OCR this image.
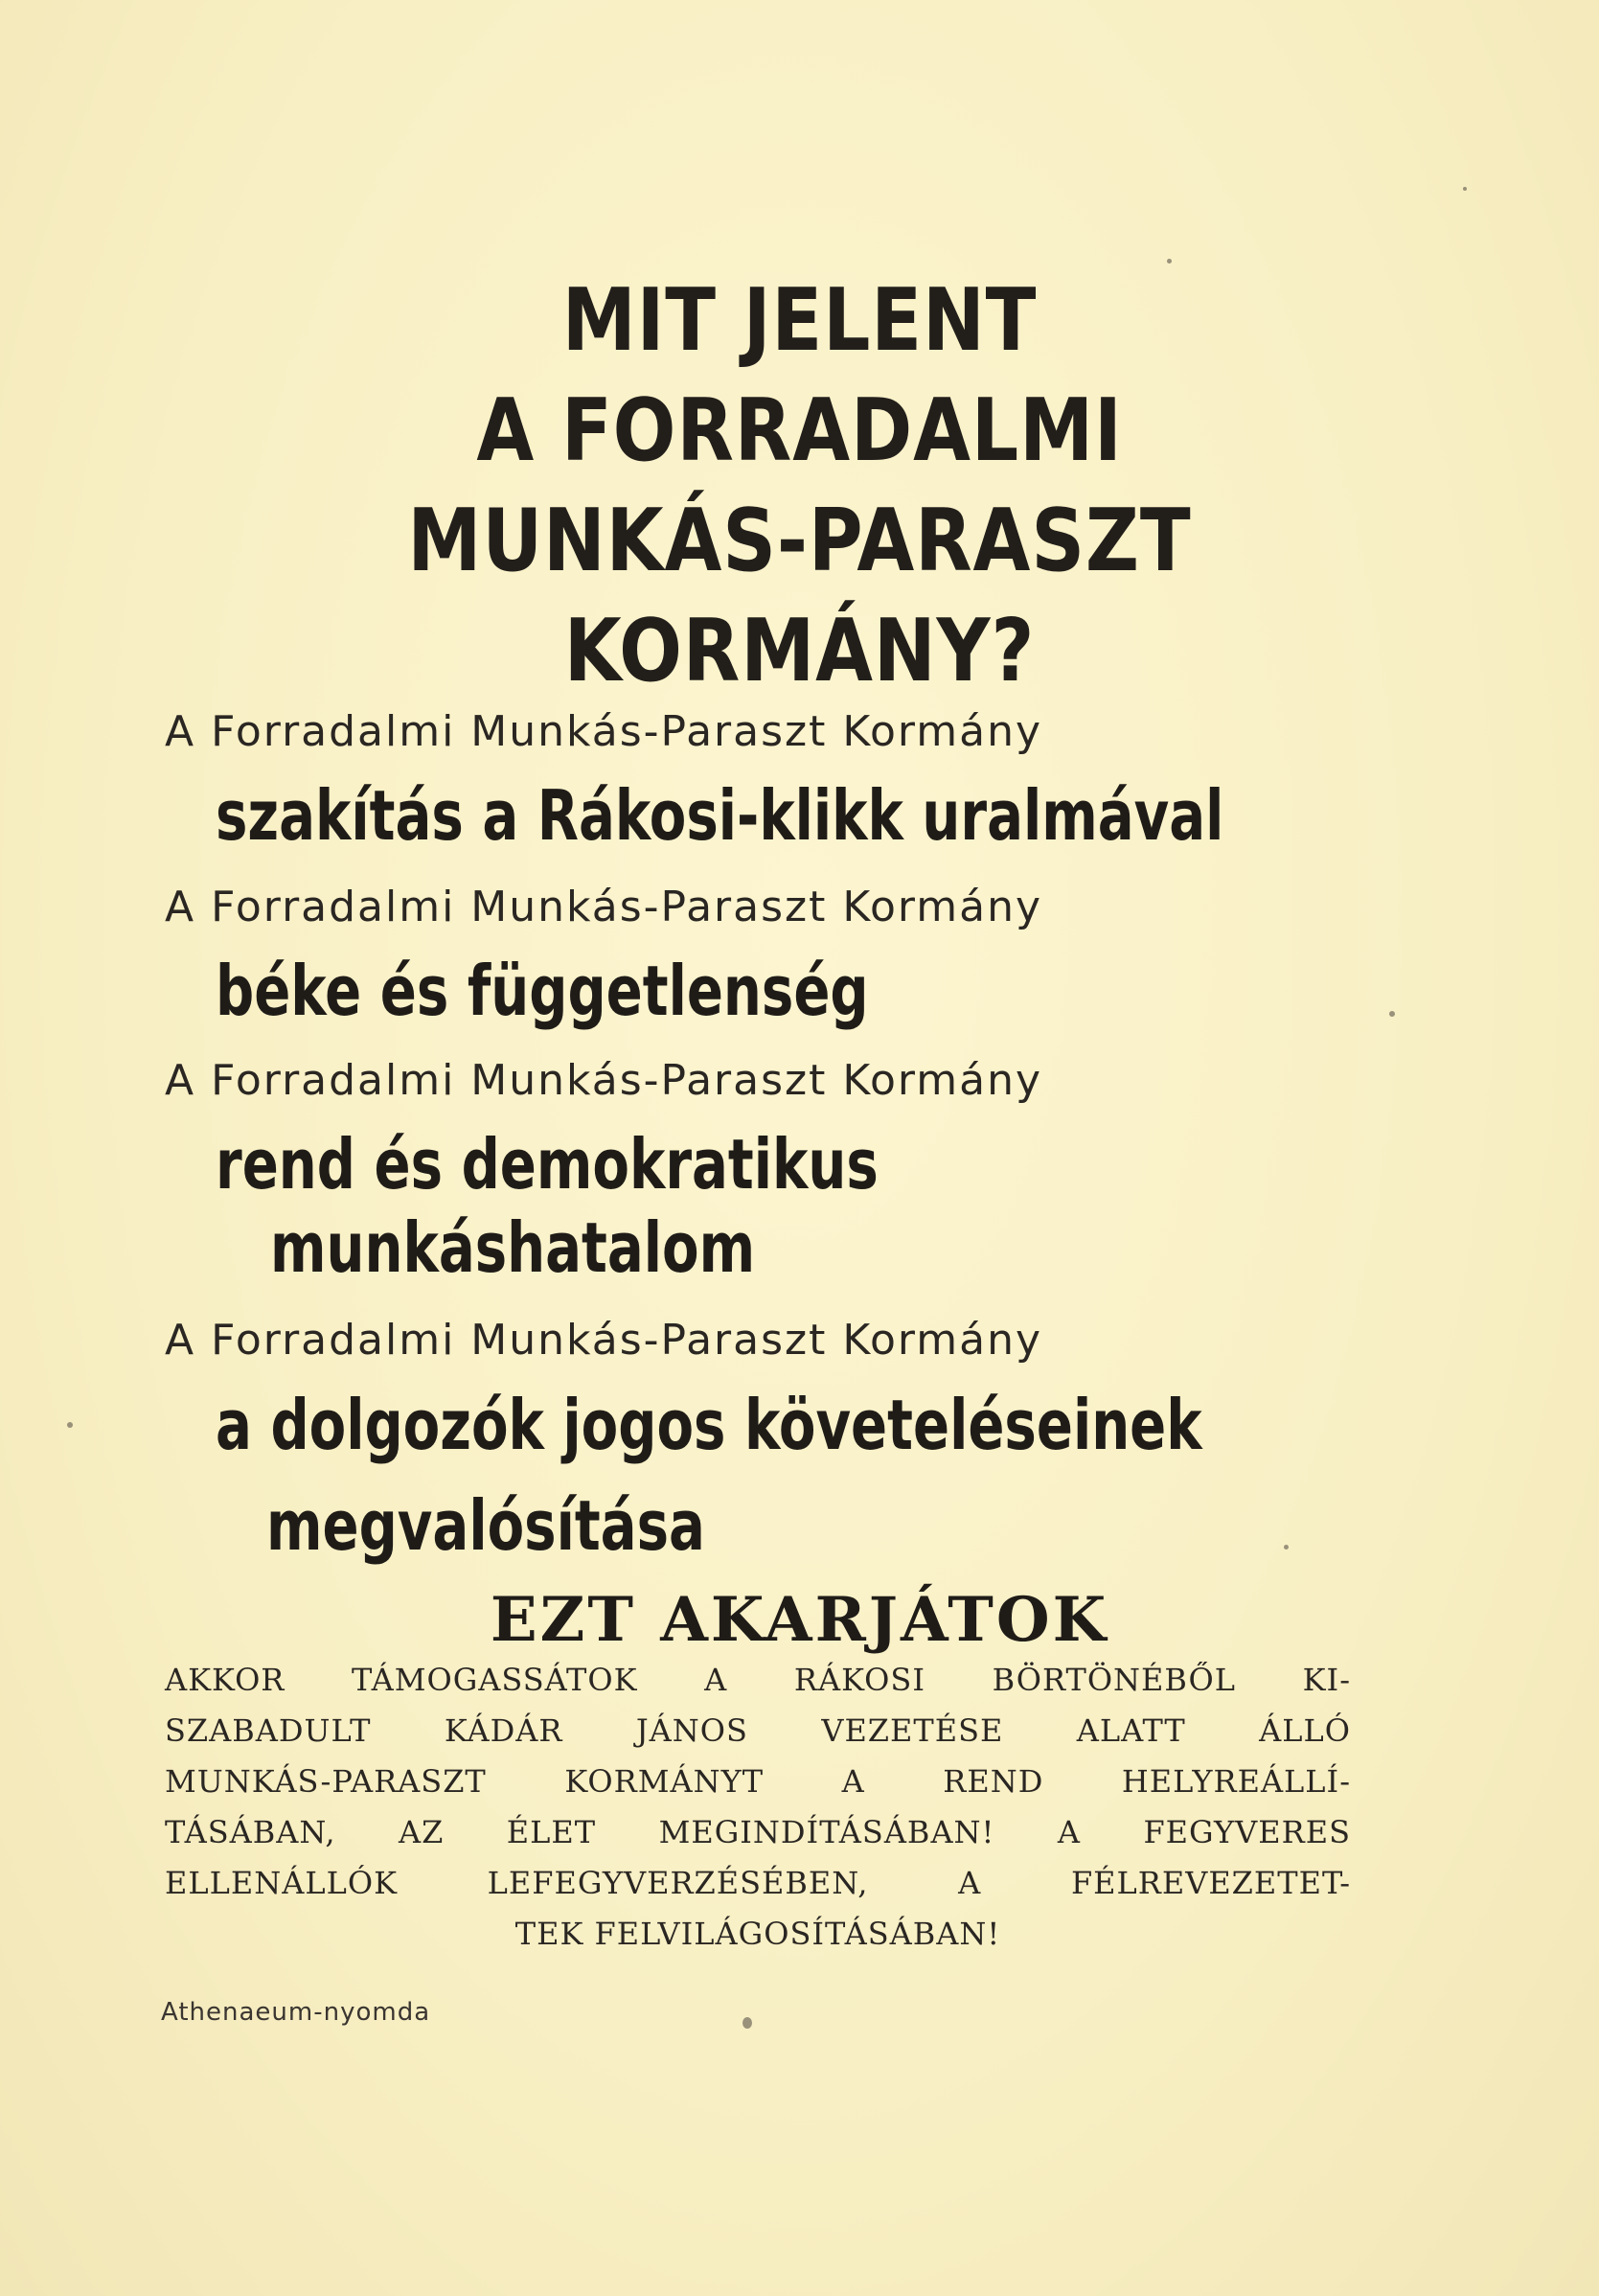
MIT JELENT
A FORRADALMI
MUNKÁS-PARASZT
KORMÁNY?
A Forradalmi Munkás-Paraszt Kormány
szakítás a Rákosi-klikk uralmával
A Forradalmi Munkás-Paraszt Kormány
béke és függetlenség
A Forradalmi Munkás-Paraszt Kormány
rend és demokratikus
munkáshatalom
A Forradalmi Munkás-Paraszt Kormány
a dolgozók jogos követeléseinek
megvalósítása
EZT AKARJÁTOK
AKKOR TÁMOGASSÁTOK A RÁKOSI BÖRTÖNÉBŐL KI-
SZABADULT KÁDÁR JÁNOS VEZETÉSE ALATT ÁLLÓ
MUNKÁS-PARASZT KORMÁNYT A REND HELYREÁLLÍ-
TÁSÁBAN, AZ ÉLET MEGINDÍTÁSÁBAN! A FEGYVERES
ELLENÁLLÓK LEFEGYVERZÉSÉBEN, A FÉLREVEZETET-
TEK FELVILÁGOSÍTÁSÁBAN!
Athenaeum-nyomda
